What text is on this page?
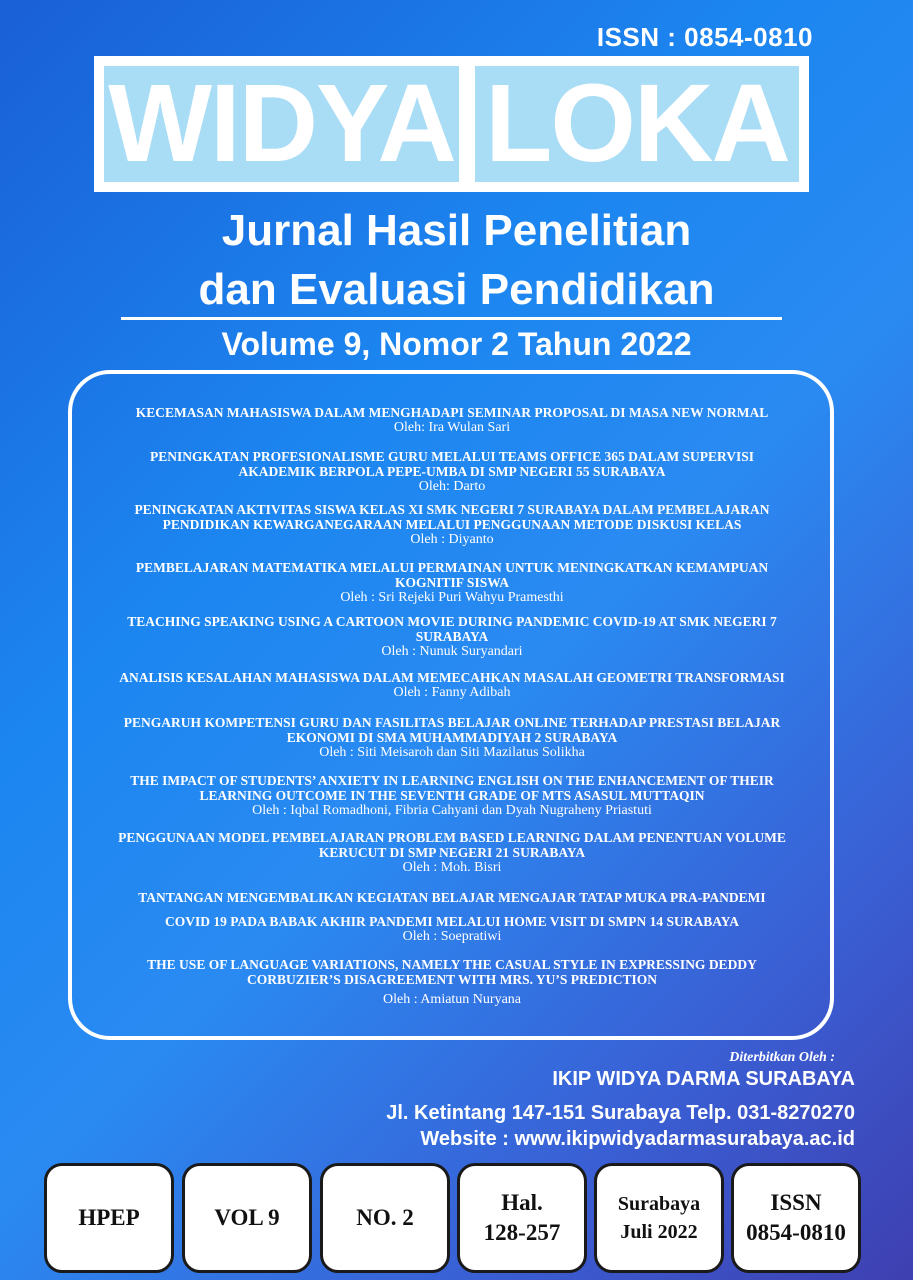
ISSN : 0854-0810
WIDYA LOKA
Jurnal Hasil Penelitian
dan Evaluasi Pendidikan
Volume 9, Nomor 2 Tahun 2022
KECEMASAN MAHASISWA DALAM MENGHADAPI SEMINAR PROPOSAL DI MASA NEW NORMAL
Oleh: Ira Wulan Sari
PENINGKATAN PROFESIONALISME GURU MELALUI TEAMS OFFICE 365 DALAM SUPERVISI
AKADEMIK BERPOLA PEPE-UMBA DI SMP NEGERI 55 SURABAYA
Oleh: Darto
PENINGKATAN AKTIVITAS SISWA KELAS XI SMK NEGERI 7 SURABAYA DALAM PEMBELAJARAN
PENDIDIKAN KEWARGANEGARAAN MELALUI PENGGUNAAN METODE DISKUSI KELAS
Oleh : Diyanto
PEMBELAJARAN MATEMATIKA MELALUI PERMAINAN UNTUK MENINGKATKAN KEMAMPUAN
KOGNITIF SISWA
Oleh : Sri Rejeki Puri Wahyu Pramesthi
TEACHING SPEAKING USING A CARTOON MOVIE DURING PANDEMIC COVID-19 AT SMK NEGERI 7
SURABAYA
Oleh : Nunuk Suryandari
ANALISIS KESALAHAN MAHASISWA DALAM MEMECAHKAN MASALAH GEOMETRI TRANSFORMASI
Oleh : Fanny Adibah
PENGARUH KOMPETENSI GURU DAN FASILITAS BELAJAR ONLINE TERHADAP PRESTASI BELAJAR
EKONOMI DI SMA MUHAMMADIYAH 2 SURABAYA
Oleh : Siti Meisaroh dan Siti Mazilatus Solikha
THE IMPACT OF STUDENTS’ ANXIETY IN LEARNING ENGLISH ON THE ENHANCEMENT OF THEIR
LEARNING OUTCOME IN THE SEVENTH GRADE OF MTS ASASUL MUTTAQIN
Oleh : Iqbal Romadhoni, Fibria Cahyani dan Dyah Nugraheny Priastuti
PENGGUNAAN MODEL PEMBELAJARAN PROBLEM BASED LEARNING DALAM PENENTUAN VOLUME
KERUCUT DI SMP NEGERI 21 SURABAYA
Oleh : Moh. Bisri
TANTANGAN MENGEMBALIKAN KEGIATAN BELAJAR MENGAJAR TATAP MUKA PRA-PANDEMI
COVID 19 PADA BABAK AKHIR PANDEMI MELALUI HOME VISIT DI SMPN 14 SURABAYA
Oleh : Soepratiwi
THE USE OF LANGUAGE VARIATIONS, NAMELY THE CASUAL STYLE IN EXPRESSING DEDDY
CORBUZIER’S DISAGREEMENT WITH MRS. YU’S PREDICTION
Oleh : Amiatun Nuryana
Diterbitkan Oleh :
IKIP WIDYA DARMA SURABAYA
Jl. Ketintang 147-151 Surabaya Telp. 031-8270270
Website : www.ikipwidyadarmasurabaya.ac.id
HPEP	VOL 9	NO. 2
Hal.
128-257
Surabaya
Juli 2022
ISSN
0854-0810
